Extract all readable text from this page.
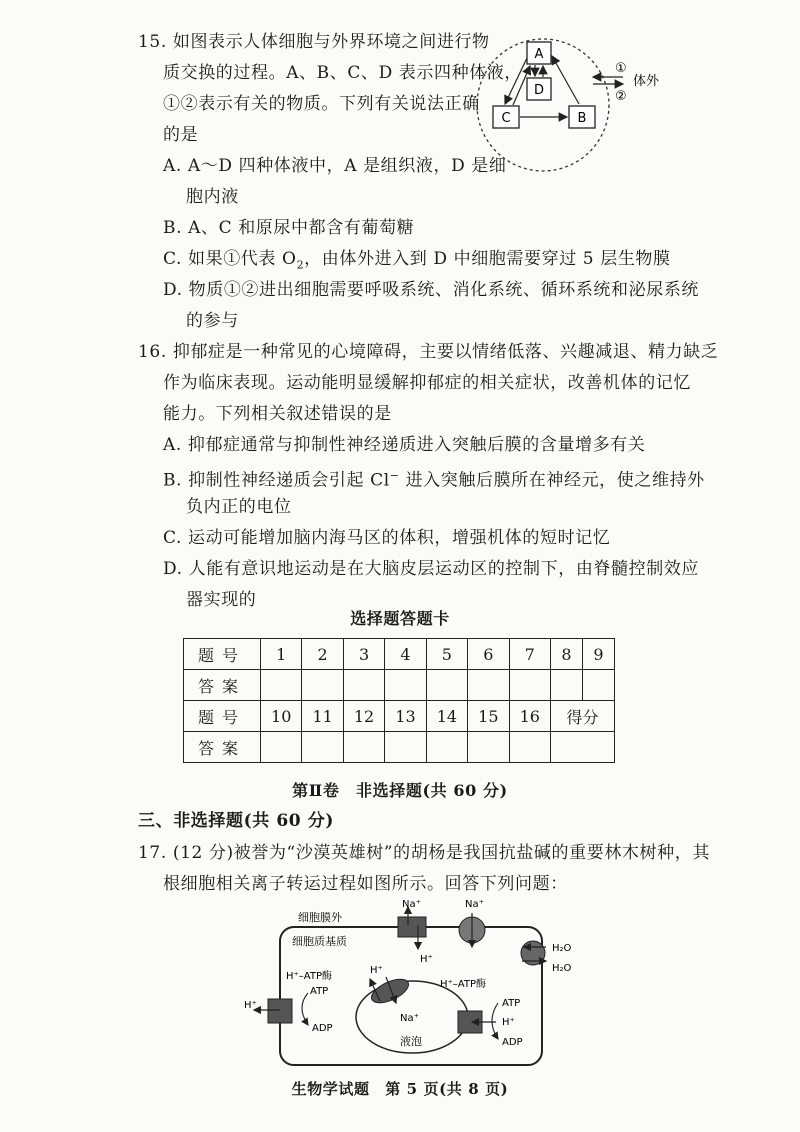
15. 如图表示人体细胞与外界环境之间进行物
质交换的过程。A、B、C、D 表示四种体液，
①②表示有关的物质。下列有关说法正确
的是
A. A～D 四种体液中，A 是组织液，D 是细
胞内液
B. A、C 和原尿中都含有葡萄糖
C. 如果①代表 $O_2$，由体外进入到 D 中细胞需要穿过 5 层生物膜
D. 物质①②进出细胞需要呼吸系统、消化系统、循环系统和泌尿系统
的参与
A
D
C	B
①
②
体外
16. 抑郁症是一种常见的心境障碍，主要以情绪低落、兴趣减退、精力缺乏
作为临床表现。运动能明显缓解抑郁症的相关症状，改善机体的记忆
能力。下列相关叙述错误的是
A. 抑郁症通常与抑制性神经递质进入突触后膜的含量增多有关
B. 抑制性神经递质会引起 Cl− 进入突触后膜所在神经元，使之维持外
负内正的电位
C. 运动可能增加脑内海马区的体积，增强机体的短时记忆
D. 人能有意识地运动是在大脑皮层运动区的控制下，由脊髓控制效应
器实现的
选择题答题卡
题号	1	2	3	4	5	6	7	8	9
答案									
题号	10	11	12	13	14	15	16	得分	
答案									
第Ⅱ卷　非选择题(共 60 分)
三、非选择题(共 60 分)
17. (12 分)被誉为“沙漠英雄树”的胡杨是我国抗盐碱的重要林木树种，其
根细胞相关离子转运过程如图所示。回答下列问题：
细胞膜外
细胞质基质
Na⁺
H⁺
Na⁺
H₂O
H₂O
H⁺
H⁺–ATP酶
ATP
ADP
液泡
H⁺
Na⁺
H⁺–ATP酶
ATP
H⁺
ADP
生物学试题　第 5 页(共 8 页)
